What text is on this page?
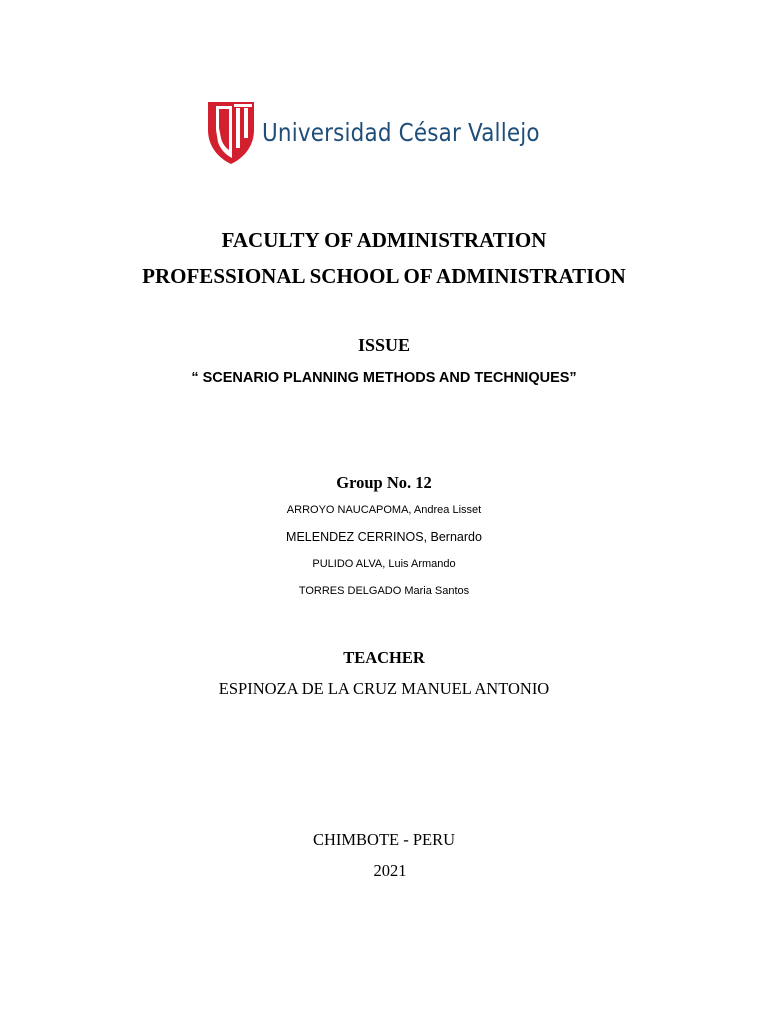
Universidad César Vallejo
FACULTY OF ADMINISTRATION
PROFESSIONAL SCHOOL OF ADMINISTRATION
ISSUE
“ SCENARIO PLANNING METHODS AND TECHNIQUES”
Group No. 12
ARROYO NAUCAPOMA, Andrea Lisset
MELENDEZ CERRINOS, Bernardo
PULIDO ALVA, Luis Armando
TORRES DELGADO Maria Santos
TEACHER
ESPINOZA DE LA CRUZ MANUEL ANTONIO
CHIMBOTE - PERU
2021
